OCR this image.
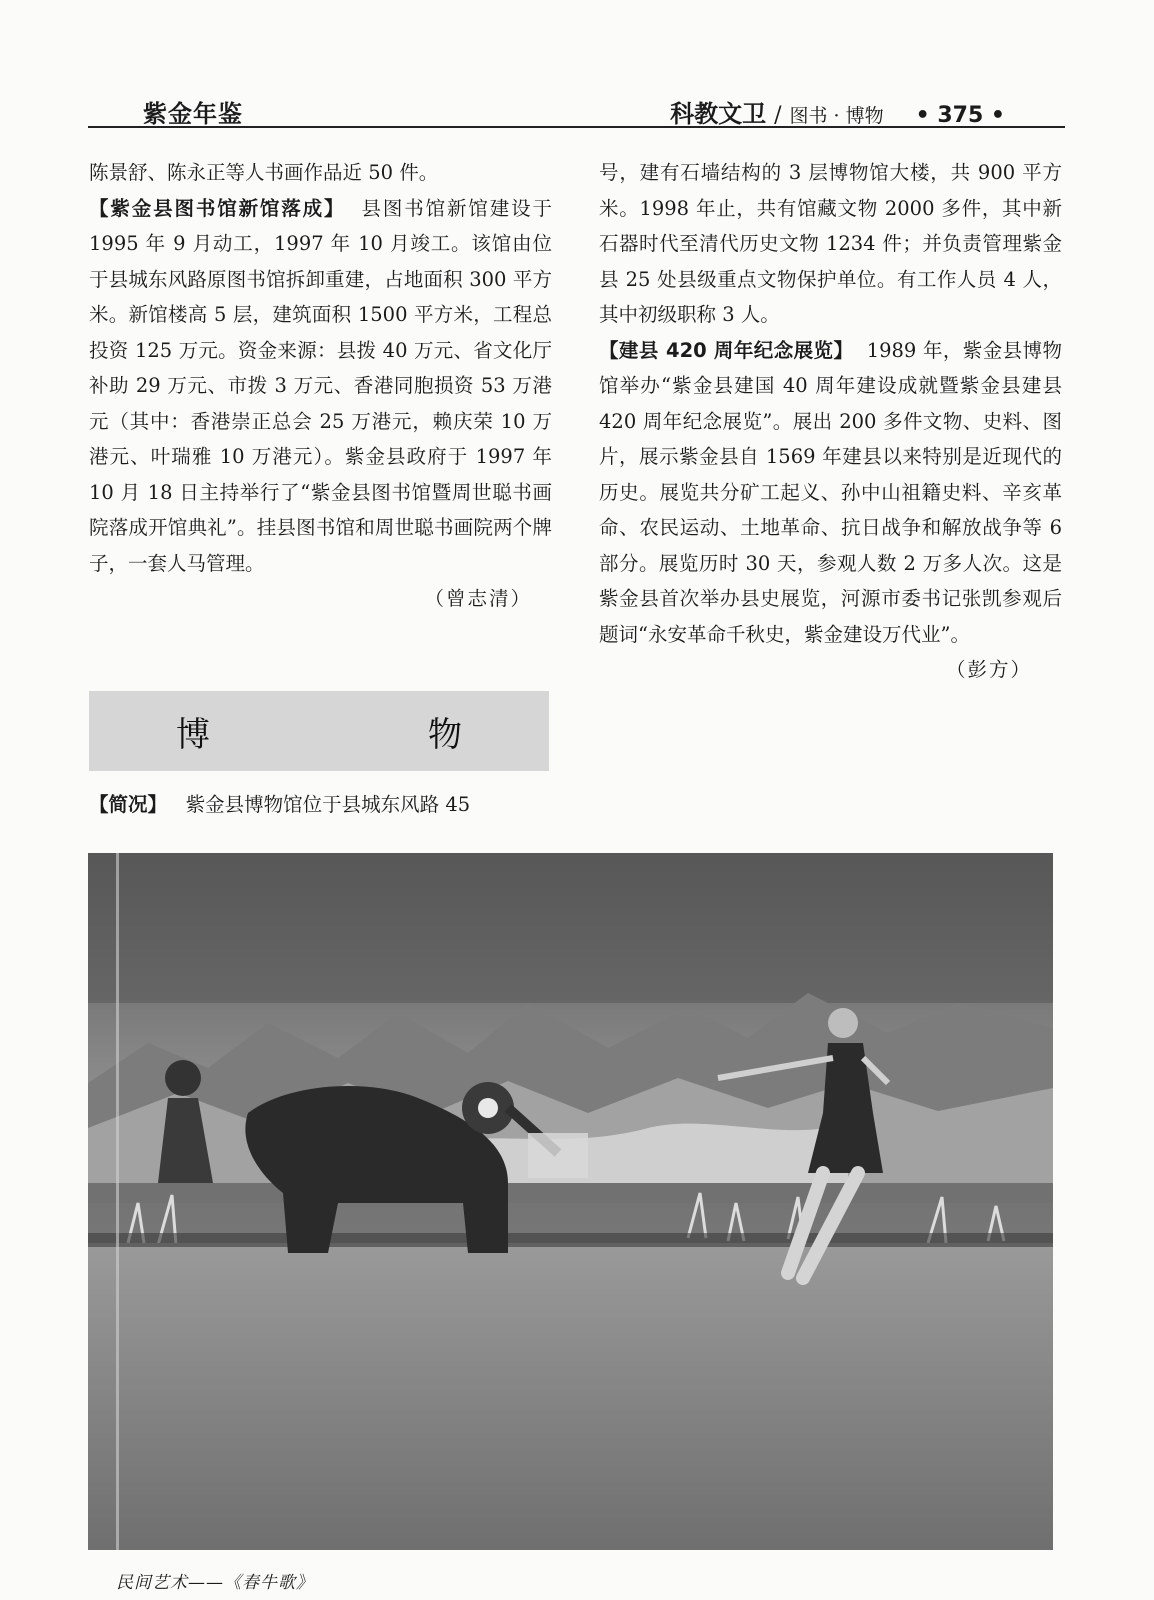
紫金年鉴	科教文卫 / 图书 · 博物 • 375 •

陈景舒、陈永正等人书画作品近 50 件。

【紫金县图书馆新馆落成】 县图书馆新馆建设于 1995 年 9 月动工，1997 年 10 月竣工。该馆由位于县城东风路原图书馆拆卸重建，占地面积 300 平方米。新馆楼高 5 层，建筑面积 1500 平方米，工程总投资 125 万元。资金来源：县拨 40 万元、省文化厅补助 29 万元、市拨 3 万元、香港同胞损资 53 万港元（其中：香港崇正总会 25 万港元，赖庆荣 10 万港元、叶瑞雅 10 万港元）。紫金县政府于 1997 年 10 月 18 日主持举行了“紫金县图书馆暨周世聪书画院落成开馆典礼”。挂县图书馆和周世聪书画院两个牌子，一套人马管理。

（曾志清）

博　物
【简况】 紫金县博物馆位于县城东风路 45

号，建有石墙结构的 3 层博物馆大楼，共 900 平方米。1998 年止，共有馆藏文物 2000 多件，其中新石器时代至清代历史文物 1234 件；并负责管理紫金县 25 处县级重点文物保护单位。有工作人员 4 人，其中初级职称 3 人。

【建县 420 周年纪念展览】 1989 年，紫金县博物馆举办“紫金县建国 40 周年建设成就暨紫金县建县 420 周年纪念展览”。展出 200 多件文物、史料、图片，展示紫金县自 1569 年建县以来特别是近现代的历史。展览共分矿工起义、孙中山祖籍史料、辛亥革命、农民运动、土地革命、抗日战争和解放战争等 6 部分。展览历时 30 天，参观人数 2 万多人次。这是紫金县首次举办县史展览，河源市委书记张凯参观后题词“永安革命千秋史，紫金建设万代业”。

（彭方）

民间艺术——《春牛歌》
